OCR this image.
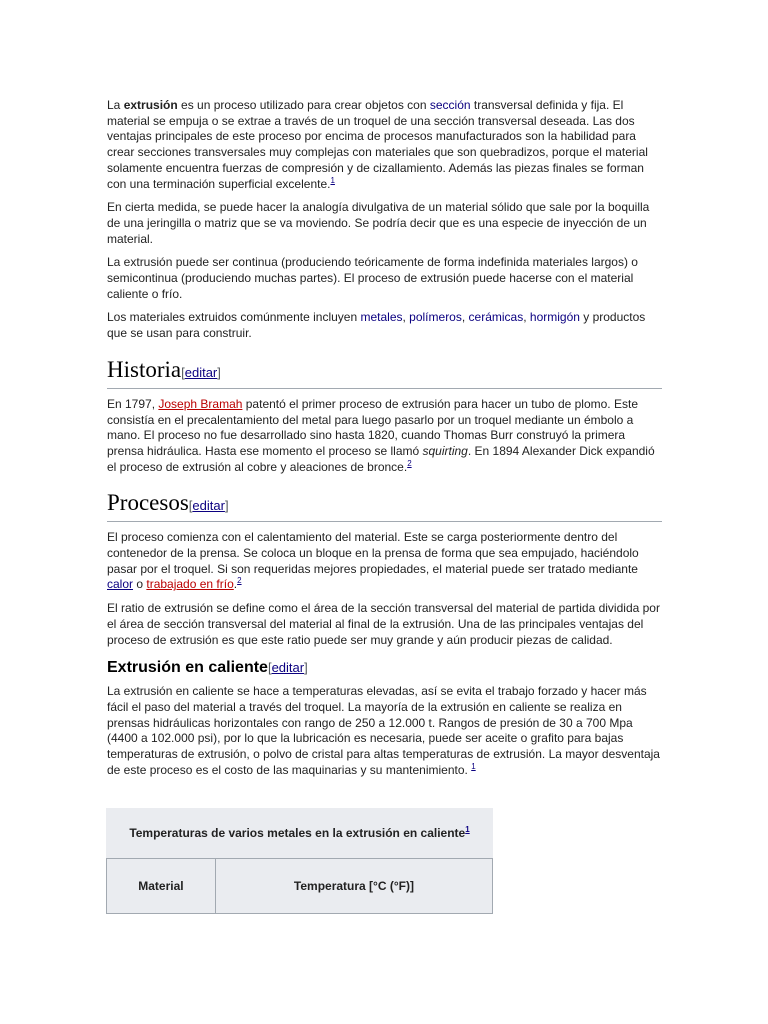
La extrusión es un proceso utilizado para crear objetos con sección transversal definida y fija. El material se empuja o se extrae a través de un troquel de una sección transversal deseada. Las dos ventajas principales de este proceso por encima de procesos manufacturados son la habilidad para crear secciones transversales muy complejas con materiales que son quebradizos, porque el material solamente encuentra fuerzas de compresión y de cizallamiento. Además las piezas finales se forman con una terminación superficial excelente.$^1$

En cierta medida, se puede hacer la analogía divulgativa de un material sólido que sale por la boquilla de una jeringilla o matriz que se va moviendo. Se podría decir que es una especie de inyección de un material.

La extrusión puede ser continua (produciendo teóricamente de forma indefinida materiales largos) o semicontinua (produciendo muchas partes). El proceso de extrusión puede hacerse con el material caliente o frío.

Los materiales extruidos comúnmente incluyen metales, polímeros, cerámicas, hormigón y productos que se usan para construir.

Historia[editar]

En 1797, Joseph Bramah patentó el primer proceso de extrusión para hacer un tubo de plomo. Este consistía en el precalentamiento del metal para luego pasarlo por un troquel mediante un émbolo a mano. El proceso no fue desarrollado sino hasta 1820, cuando Thomas Burr construyó la primera prensa hidráulica. Hasta ese momento el proceso se llamó squirting. En 1894 Alexander Dick expandió el proceso de extrusión al cobre y aleaciones de bronce.$^2$

Procesos[editar]

El proceso comienza con el calentamiento del material. Este se carga posteriormente dentro del contenedor de la prensa. Se coloca un bloque en la prensa de forma que sea empujado, haciéndolo pasar por el troquel. Si son requeridas mejores propiedades, el material puede ser tratado mediante calor o trabajado en frío.$^2$

El ratio de extrusión se define como el área de la sección transversal del material de partida dividida por el área de sección transversal del material al final de la extrusión. Una de las principales ventajas del proceso de extrusión es que este ratio puede ser muy grande y aún producir piezas de calidad.

Extrusión en caliente[editar]

La extrusión en caliente se hace a temperaturas elevadas, así se evita el trabajo forzado y hacer más fácil el paso del material a través del troquel. La mayoría de la extrusión en caliente se realiza en prensas hidráulicas horizontales con rango de 250 a 12.000 t. Rangos de presión de 30 a 700 Mpa (4400 a 102.000 psi), por lo que la lubricación es necesaria, puede ser aceite o grafito para bajas temperaturas de extrusión, o polvo de cristal para altas temperaturas de extrusión. La mayor desventaja de este proceso es el costo de las maquinarias y su mantenimiento. $^1$

Temperaturas de varios metales en la extrusión en caliente$^1$
Material	Temperatura [°C (°F)]
